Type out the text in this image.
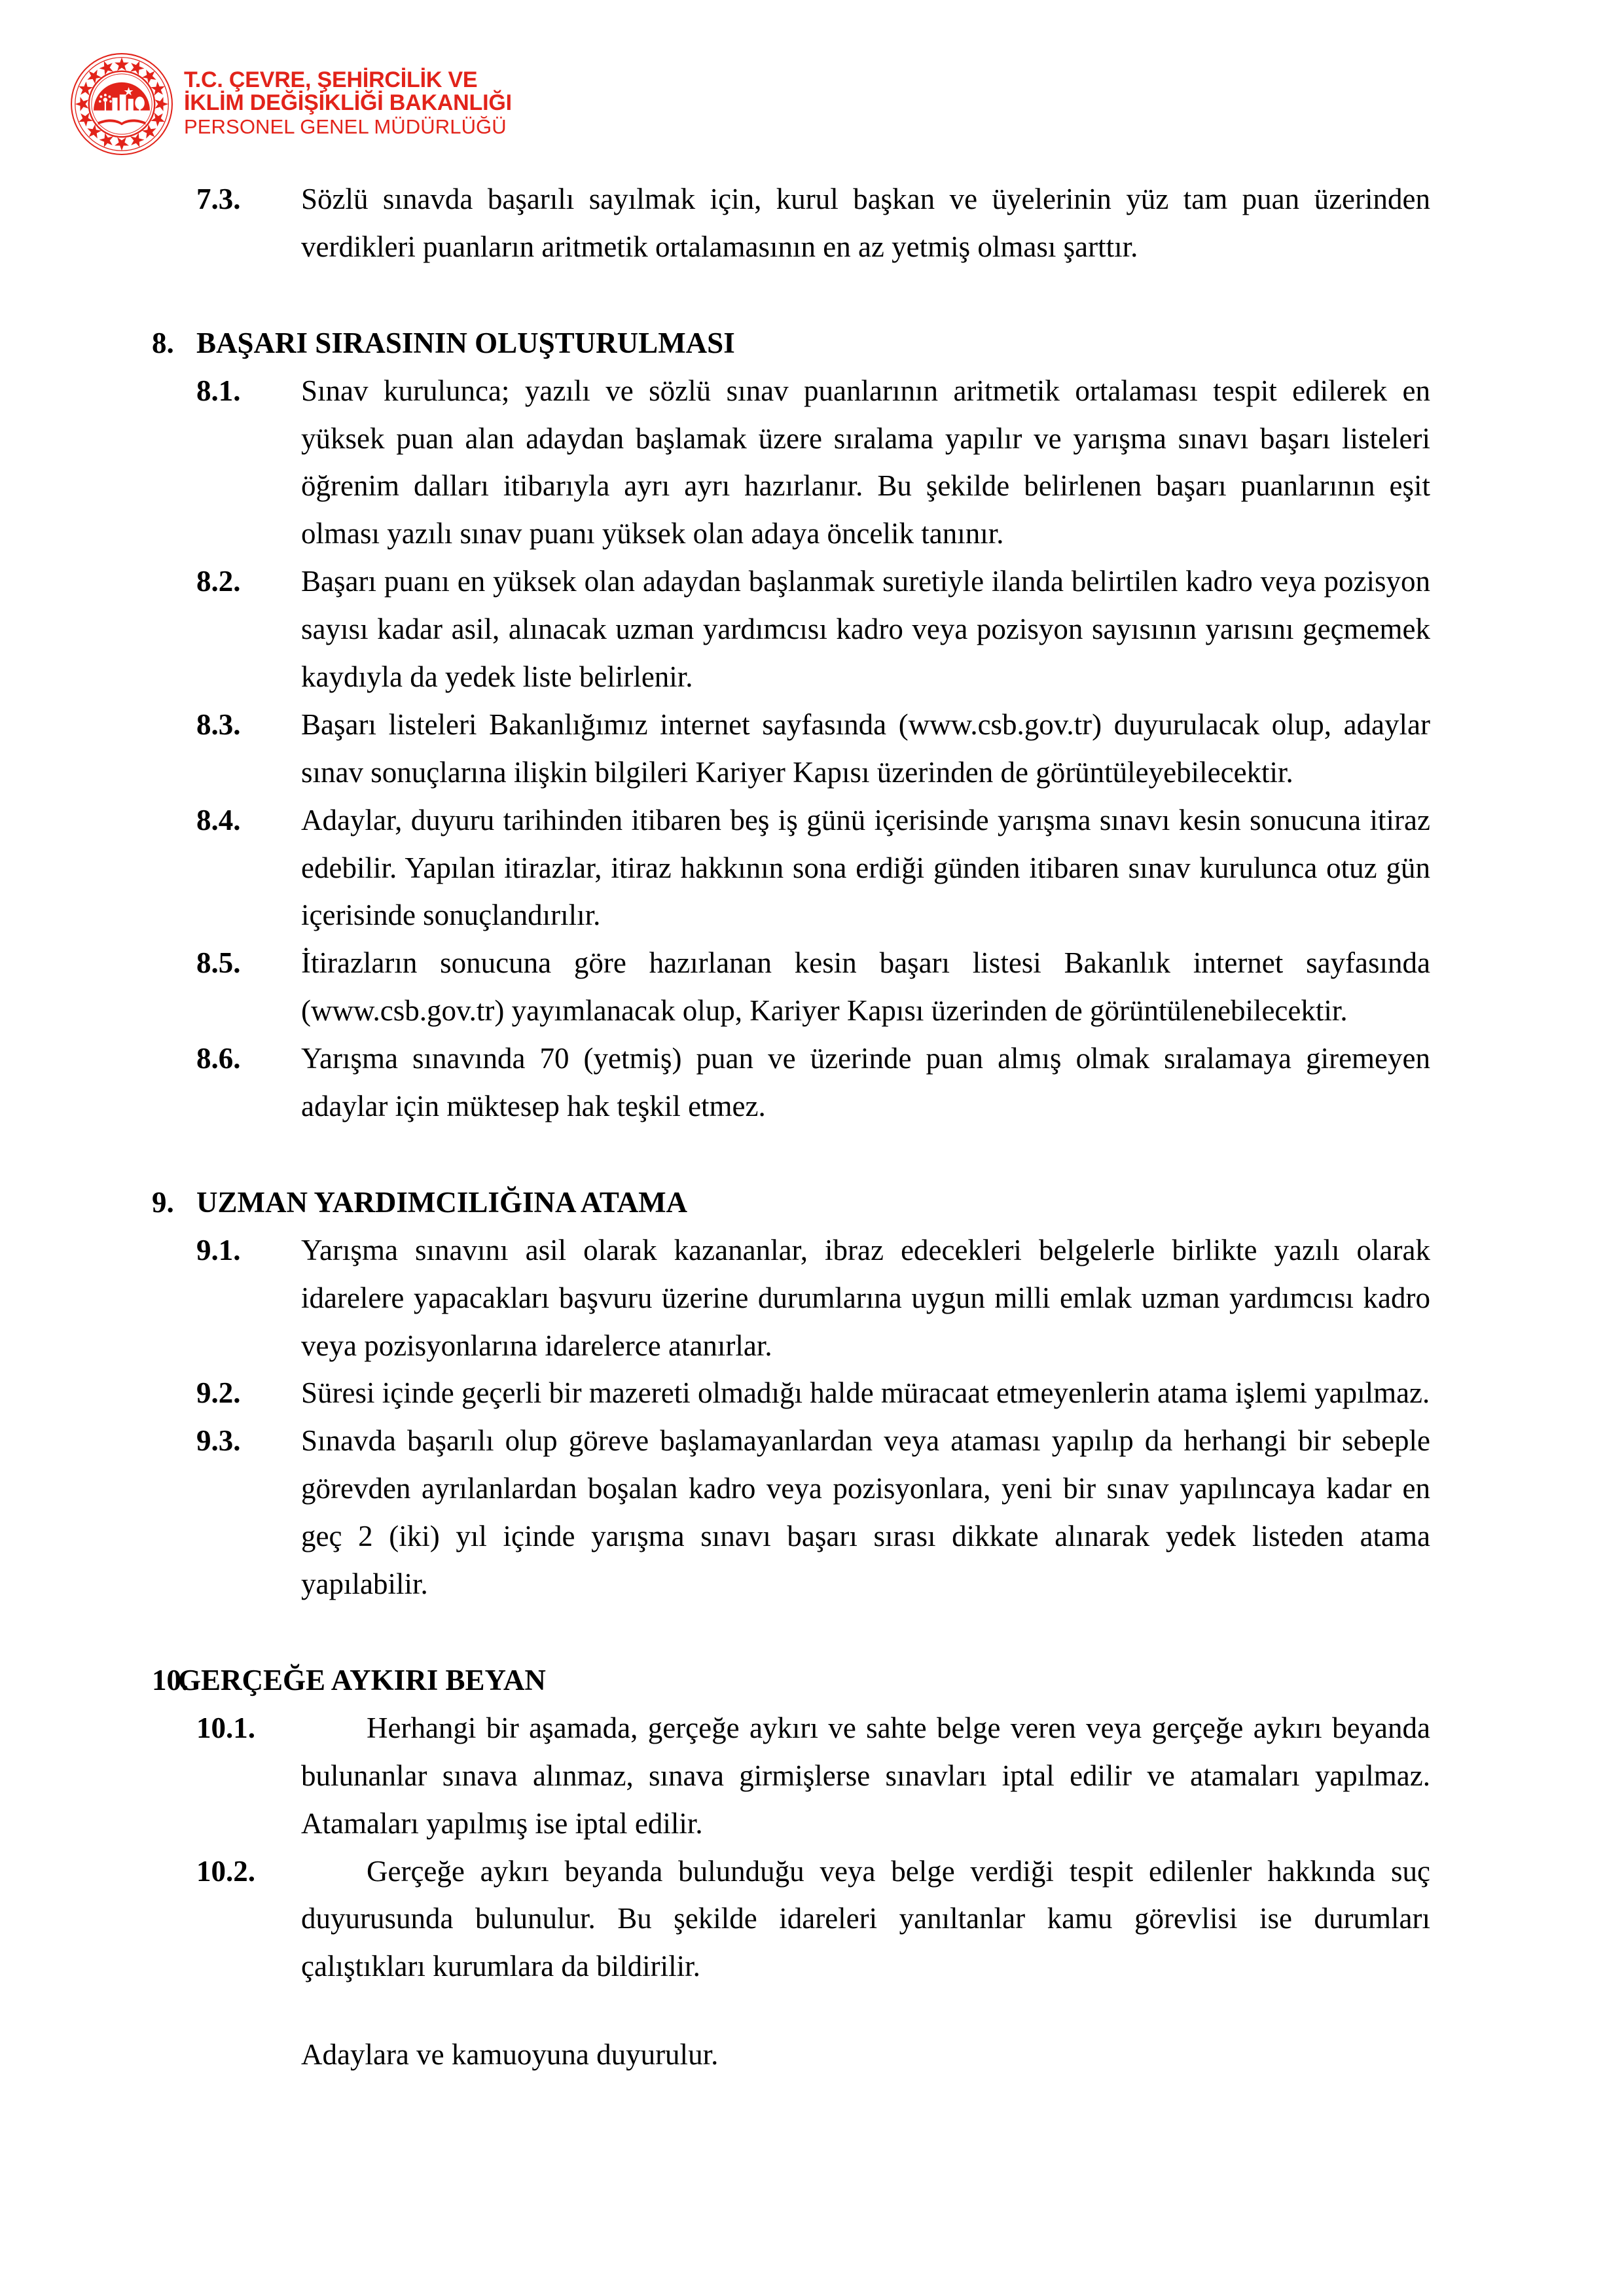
T.C. ÇEVRE, ŞEHİRCİLİK VE
İKLİM DEĞİŞİKLİĞİ BAKANLIĞI
PERSONEL GENEL MÜDÜRLÜĞÜ
7.3.	Sözlü sınavda başarılı sayılmak için, kurul başkan ve üyelerinin yüz tam puan üzerinden verdikleri puanların aritmetik ortalamasının en az yetmiş olması şarttır.
8. BAŞARI SIRASININ OLUŞTURULMASI
8.1.	Sınav kurulunca; yazılı ve sözlü sınav puanlarının aritmetik ortalaması tespit edilerek en yüksek puan alan adaydan başlamak üzere sıralama yapılır ve yarışma sınavı başarı listeleri öğrenim dalları itibarıyla ayrı ayrı hazırlanır. Bu şekilde belirlenen başarı puanlarının eşit olması yazılı sınav puanı yüksek olan adaya öncelik tanınır.
8.2.	Başarı puanı en yüksek olan adaydan başlanmak suretiyle ilanda belirtilen kadro veya pozisyon sayısı kadar asil, alınacak uzman yardımcısı kadro veya pozisyon sayısının yarısını geçmemek kaydıyla da yedek liste belirlenir.
8.3.	Başarı listeleri Bakanlığımız internet sayfasında (www.csb.gov.tr) duyurulacak olup, adaylar sınav sonuçlarına ilişkin bilgileri Kariyer Kapısı üzerinden de görüntüleyebilecektir.
8.4.	Adaylar, duyuru tarihinden itibaren beş iş günü içerisinde yarışma sınavı kesin sonucuna itiraz edebilir. Yapılan itirazlar, itiraz hakkının sona erdiği günden itibaren sınav kurulunca otuz gün içerisinde sonuçlandırılır.
8.5.	İtirazların sonucuna göre hazırlanan kesin başarı listesi Bakanlık internet sayfasında (www.csb.gov.tr) yayımlanacak olup, Kariyer Kapısı üzerinden de görüntülenebilecektir.
8.6.	Yarışma sınavında 70 (yetmiş) puan ve üzerinde puan almış olmak sıralamaya giremeyen adaylar için müktesep hak teşkil etmez.
9. UZMAN YARDIMCILIĞINA ATAMA
9.1.	Yarışma sınavını asil olarak kazananlar, ibraz edecekleri belgelerle birlikte yazılı olarak idarelere yapacakları başvuru üzerine durumlarına uygun milli emlak uzman yardımcısı kadro veya pozisyonlarına idarelerce atanırlar.
9.2.	Süresi içinde geçerli bir mazereti olmadığı halde müracaat etmeyenlerin atama işlemi yapılmaz.
9.3.	Sınavda başarılı olup göreve başlamayanlardan veya ataması yapılıp da herhangi bir sebeple görevden ayrılanlardan boşalan kadro veya pozisyonlara, yeni bir sınav yapılıncaya kadar en geç 2 (iki) yıl içinde yarışma sınavı başarı sırası dikkate alınarak yedek listeden atama yapılabilir.
10.
GERÇEĞE AYKIRI BEYAN
10.1.	Herhangi bir aşamada, gerçeğe aykırı ve sahte belge veren veya gerçeğe aykırı beyanda bulunanlar sınava alınmaz, sınava girmişlerse sınavları iptal edilir ve atamaları yapılmaz. Atamaları yapılmış ise iptal edilir.
10.2.	Gerçeğe aykırı beyanda bulunduğu veya belge verdiği tespit edilenler hakkında suç duyurusunda bulunulur. Bu şekilde idareleri yanıltanlar kamu görevlisi ise durumları çalıştıkları kurumlara da bildirilir.
Adaylara ve kamuoyuna duyurulur.
